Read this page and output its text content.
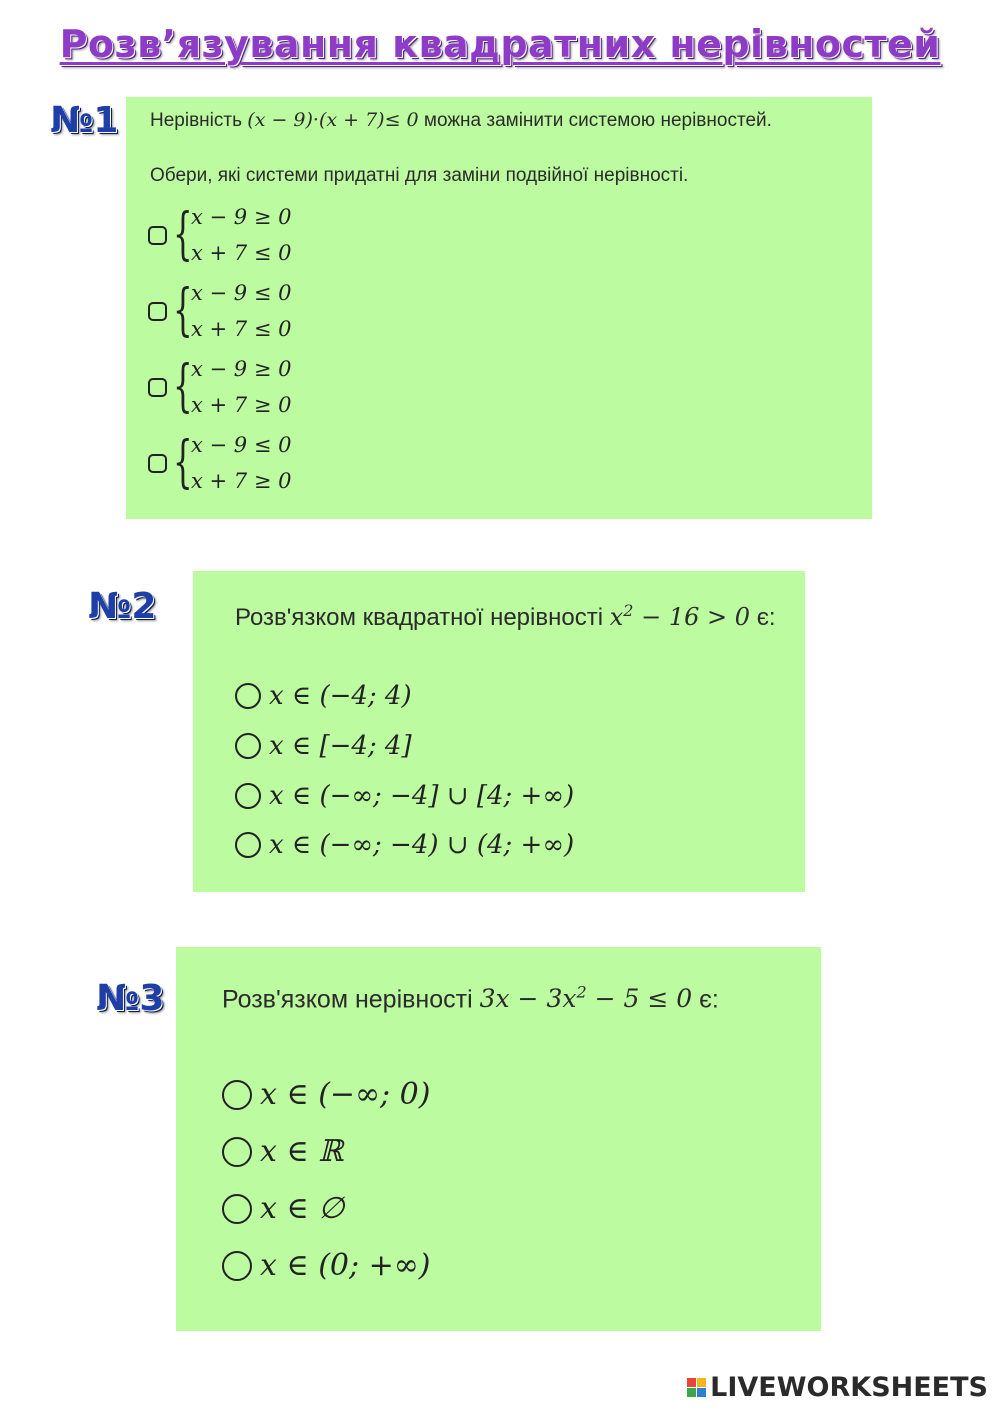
Розв’язування квадратних нерівностей
№1 Нерівність (x − 9)·(x + 7)≤ 0 можна замінити системою нерівностей.
Обери, які системи придатні для заміни подвійної нерівності.
{
x − 9 ≥ 0
x + 7 ≤ 0
{
x − 9 ≤ 0
x + 7 ≤ 0
{
x − 9 ≥ 0
x + 7 ≥ 0
{
x − 9 ≤ 0
x + 7 ≥ 0
№2	Розв'язком квадратної нерівності $x^2 - 16 > 0$ є:
x ∈ (−4; 4)
x ∈ [−4; 4]
x ∈ (−∞; −4] ∪ [4; +∞)
x ∈ (−∞; −4) ∪ (4; +∞)
№3 Розв'язком нерівності $3x - 3x^2 - 5 \le 0$ є:
x ∈ (−∞; 0)
x ∈ ℝ
x ∈ ∅
x ∈ (0; +∞)
LIVEWORKSHEETS
